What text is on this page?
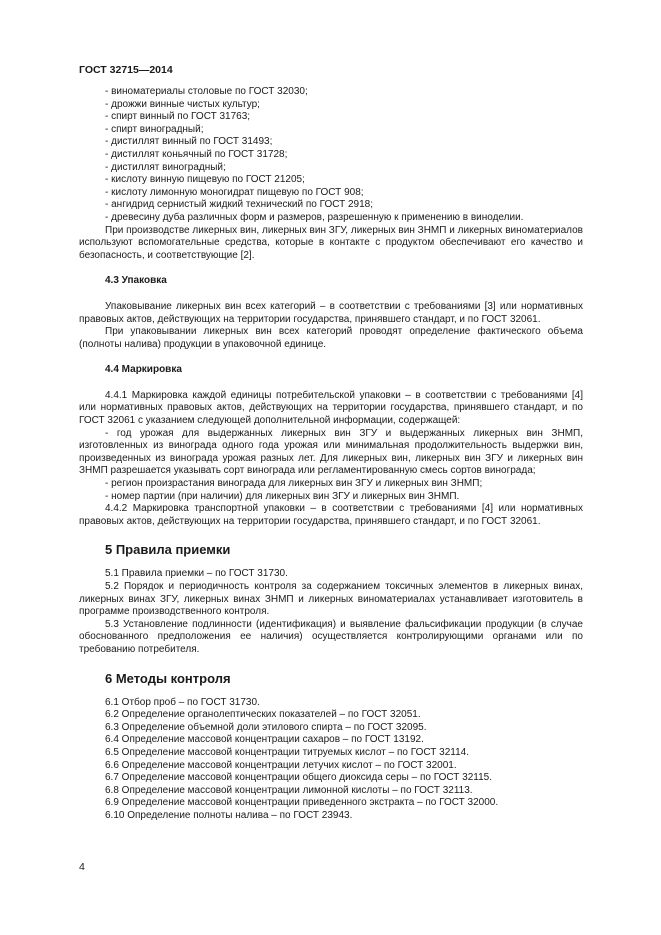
ГОСТ 32715—2014
- виноматериалы столовые по ГОСТ 32030;
- дрожжи винные чистых культур;
- спирт винный по ГОСТ 31763;
- спирт виноградный;
- дистиллят винный по ГОСТ 31493;
- дистиллят коньячный по ГОСТ 31728;
- дистиллят виноградный;
- кислоту винную пищевую по ГОСТ 21205;
- кислоту лимонную моногидрат пищевую по ГОСТ 908;
- ангидрид сернистый жидкий технический по ГОСТ 2918;
- древесину дуба различных форм и размеров, разрешенную к применению в виноделии.

При производстве ликерных вин, ликерных вин ЗГУ, ликерных вин ЗНМП и ликерных виноматериалов используют вспомогательные средства, которые в контакте с продуктом обеспечивают его качество и безопасность, и соответствующие [2].

4.3 Упаковка

Упаковывание ликерных вин всех категорий – в соответствии с требованиями [3] или нормативных правовых актов, действующих на территории государства, принявшего стандарт, и по ГОСТ 32061.

При упаковывании ликерных вин всех категорий проводят определение фактического объема (полноты налива) продукции в упаковочной единице.

4.4 Маркировка

4.4.1 Маркировка каждой единицы потребительской упаковки – в соответствии с требованиями [4] или нормативных правовых актов, действующих на территории государства, принявшего стандарт, и по ГОСТ 32061 с указанием следующей дополнительной информации, содержащей:

- год урожая для выдержанных ликерных вин ЗГУ и выдержанных ликерных вин ЗНМП, изготовленных из винограда одного года урожая или минимальная продолжительность выдержки вин, произведенных из винограда урожая разных лет. Для ликерных вин, ликерных вин ЗГУ и ликерных вин ЗНМП разрешается указывать сорт винограда или регламентированную смесь сортов винограда;

- регион произрастания винограда для ликерных вин ЗГУ и ликерных вин ЗНМП;

- номер партии (при наличии) для ликерных вин ЗГУ и ликерных вин ЗНМП.

4.4.2 Маркировка транспортной упаковки – в соответствии с требованиями [4] или нормативных правовых актов, действующих на территории государства, принявшего стандарт, и по ГОСТ 32061.

5 Правила приемки

5.1 Правила приемки – по ГОСТ 31730.

5.2 Порядок и периодичность контроля за содержанием токсичных элементов в ликерных винах, ликерных винах ЗГУ, ликерных винах ЗНМП и ликерных виноматериалах устанавливает изготовитель в программе производственного контроля.

5.3 Установление подлинности (идентификация) и выявление фальсификации продукции (в случае обоснованного предположения ее наличия) осуществляется контролирующими органами или по требованию потребителя.

6 Методы контроля
6.1 Отбор проб – по ГОСТ 31730.
6.2 Определение органолептических показателей – по ГОСТ 32051.
6.3 Определение объемной доли этилового спирта – по ГОСТ 32095.
6.4 Определение массовой концентрации сахаров – по ГОСТ 13192.
6.5 Определение массовой концентрации титруемых кислот – по ГОСТ 32114.
6.6 Определение массовой концентрации летучих кислот – по ГОСТ 32001.
6.7 Определение массовой концентрации общего диоксида серы – по ГОСТ 32115.
6.8 Определение массовой концентрации лимонной кислоты – по ГОСТ 32113.
6.9 Определение массовой концентрации приведенного экстракта – по ГОСТ 32000.
6.10 Определение полноты налива – по ГОСТ 23943.
4
